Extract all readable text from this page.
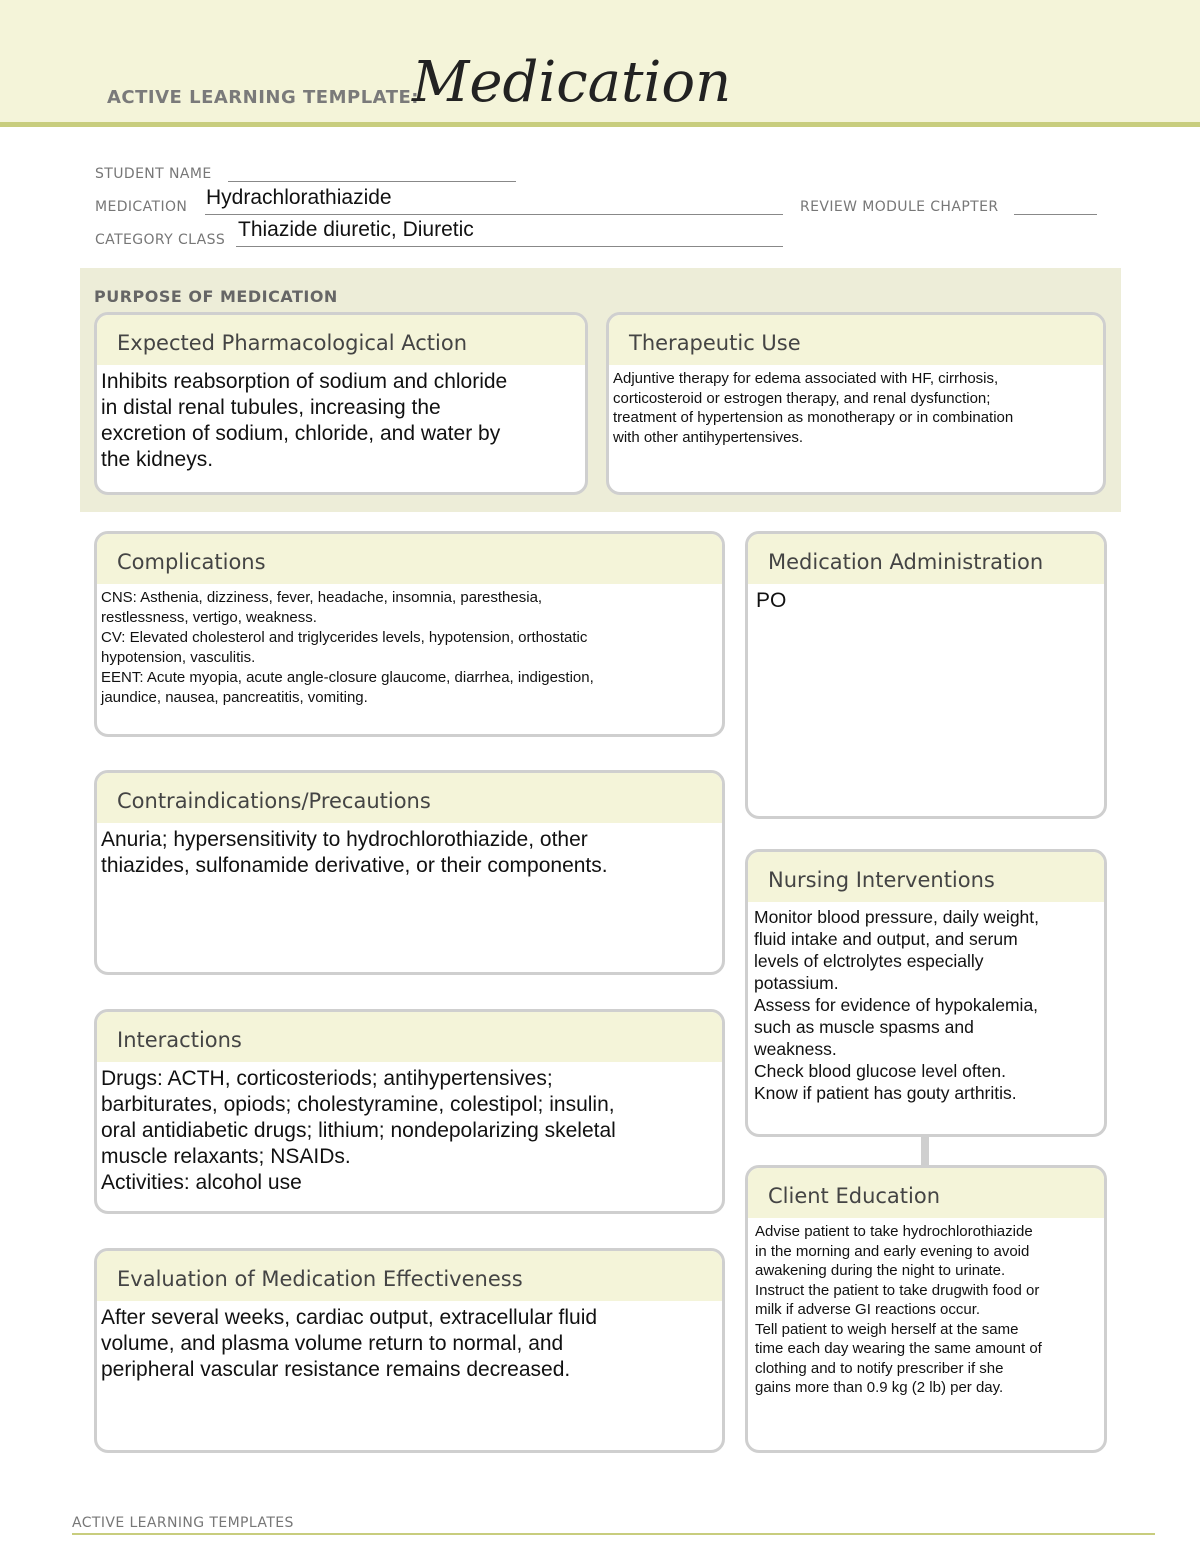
ACTIVE LEARNING TEMPLATE:
Medication
STUDENT NAME
MEDICATION Hydrachlorathiazide	REVIEW MODULE CHAPTER
CATEGORY CLASS Thiazide diuretic, Diuretic
PURPOSE OF MEDICATION
Expected Pharmacological Action
Inhibits reabsorption of sodium and chloride
in distal renal tubules, increasing the
excretion of sodium, chloride, and water by
the kidneys.
Therapeutic Use
Adjuntive therapy for edema associated with HF, cirrhosis,
corticosteroid or estrogen therapy, and renal dysfunction;
treatment of hypertension as monotherapy or in combination
with other antihypertensives.
Complications
CNS: Asthenia, dizziness, fever, headache, insomnia, paresthesia,
restlessness, vertigo, weakness.
CV: Elevated cholesterol and triglycerides levels, hypotension, orthostatic
hypotension, vasculitis.
EENT: Acute myopia, acute angle-closure glaucome, diarrhea, indigestion,
jaundice, nausea, pancreatitis, vomiting.
Contraindications/Precautions
Anuria; hypersensitivity to hydrochlorothiazide, other
thiazides, sulfonamide derivative, or their components.
Interactions
Drugs: ACTH, corticosteriods; antihypertensives;
barbiturates, opiods; cholestyramine, colestipol; insulin,
oral antidiabetic drugs; lithium; nondepolarizing skeletal
muscle relaxants; NSAIDs.
Activities: alcohol use
Evaluation of Medication Effectiveness
After several weeks, cardiac output, extracellular fluid
volume, and plasma volume return to normal, and
peripheral vascular resistance remains decreased.
Medication Administration
PO
Nursing Interventions
Monitor blood pressure, daily weight,
fluid intake and output, and serum
levels of elctrolytes especially
potassium.
Assess for evidence of hypokalemia,
such as muscle spasms and
weakness.
Check blood glucose level often.
Know if patient has gouty arthritis.
Client Education
Advise patient to take hydrochlorothiazide
in the morning and early evening to avoid
awakening during the night to urinate.
Instruct the patient to take drugwith food or
milk if adverse GI reactions occur.
Tell patient to weigh herself at the same
time each day wearing the same amount of
clothing and to notify prescriber if she
gains more than 0.9 kg (2 lb) per day.
ACTIVE LEARNING TEMPLATES
